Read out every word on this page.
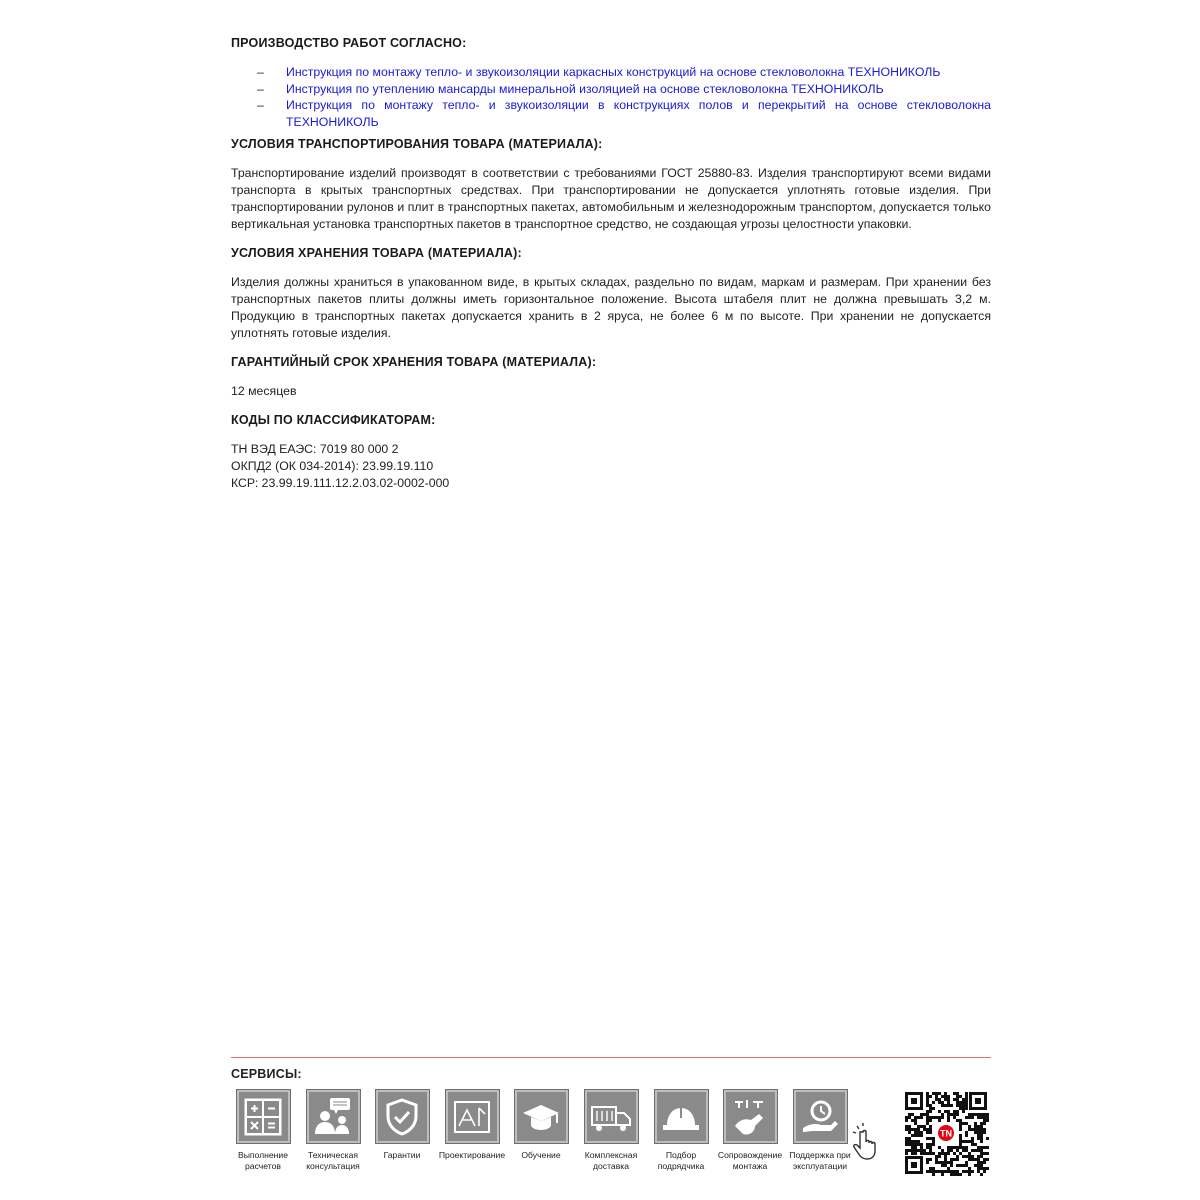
ПРОИЗВОДСТВО РАБОТ СОГЛАСНО:
– Инструкция по монтажу тепло- и звукоизоляции каркасных конструкций на основе стекловолокна ТЕХНОНИКОЛЬ
– Инструкция по утеплению мансарды минеральной изоляцией на основе стекловолокна ТЕХНОНИКОЛЬ
– Инструкция по монтажу тепло- и звукоизоляции в конструкциях полов и перекрытий на основе стекловолокна ТЕХНОНИКОЛЬ
УСЛОВИЯ ТРАНСПОРТИРОВАНИЯ ТОВАРА (МАТЕРИАЛА):

Транспортирование изделий производят в соответствии с требованиями ГОСТ 25880-83. Изделия транспортируют всеми видами транспорта в крытых транспортных средствах. При транспортировании не допускается уплотнять готовые изделия. При транспортировании рулонов и плит в транспортных пакетах, автомобильным и железнодорожным транспортом, допускается только вертикальная установка транспортных пакетов в транспортное средство, не создающая угрозы целостности упаковки.

УСЛОВИЯ ХРАНЕНИЯ ТОВАРА (МАТЕРИАЛА):

Изделия должны храниться в упакованном виде, в крытых складах, раздельно по видам, маркам и размерам. При хранении без транспортных пакетов плиты должны иметь горизонтальное положение. Высота штабеля плит не должна превышать 3,2 м. Продукцию в транспортных пакетах допускается хранить в 2 яруса, не более 6 м по высоте. При хранении не допускается уплотнять готовые изделия.

ГАРАНТИЙНЫЙ СРОК ХРАНЕНИЯ ТОВАРА (МАТЕРИАЛА):

12 месяцев

КОДЫ ПО КЛАССИФИКАТОРАМ:
ТН ВЭД ЕАЭС: 7019 80 000 2
ОКПД2 (ОК 034-2014): 23.99.19.110
КСР: 23.99.19.111.12.2.03.02-0002-000
СЕРВИСЫ:
Выполнение расчетов
Техническая консультация
Гарантии	Проектирование	Обучение	Комплексная доставка
Подбор подрядчика
Сопровождение монтажа
Поддержка при эксплуатации
TN
